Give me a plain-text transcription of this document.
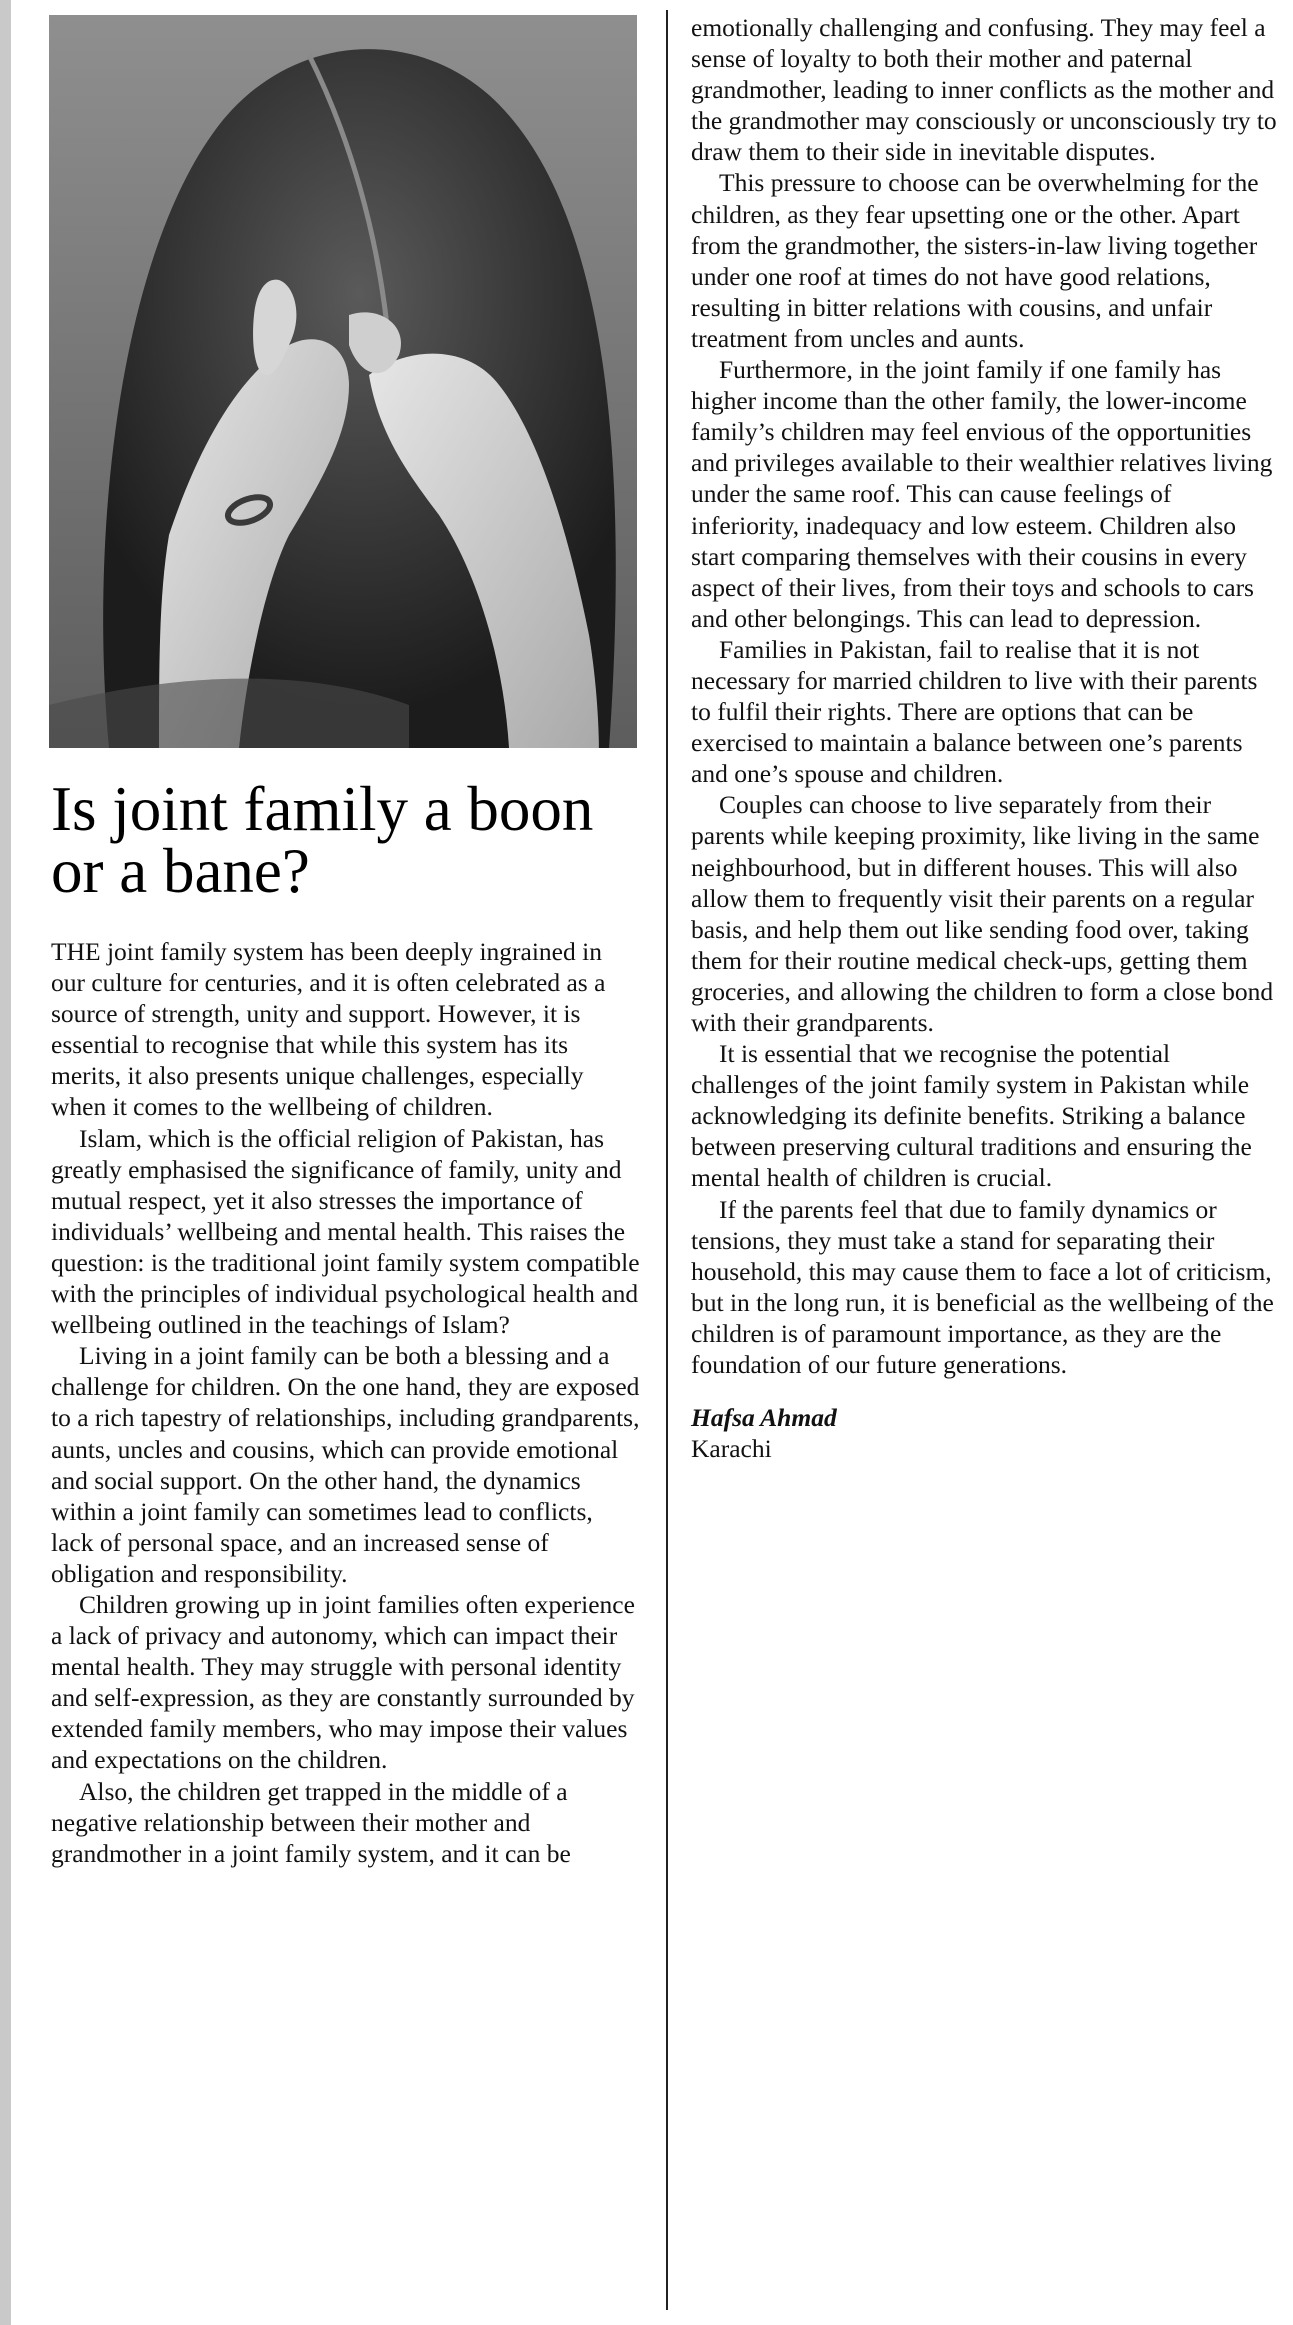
Is joint family a boon or a bane?

THE joint family system has been deeply ingrained in our culture for centuries, and it is often celebrated as a source of strength, unity and support. However, it is essential to recognise that while this system has its merits, it also presents unique challenges, especially when it comes to the wellbeing of children.

Islam, which is the official religion of Pakistan, has greatly emphasised the significance of family, unity and mutual respect, yet it also stresses the importance of individuals’ wellbeing and mental health. This raises the question: is the traditional joint family system compatible with the principles of individual psychological health and wellbeing outlined in the teachings of Islam?

Living in a joint family can be both a blessing and a challenge for children. On the one hand, they are exposed to a rich tapestry of relationships, including grandparents, aunts, uncles and cousins, which can provide emotional and social support. On the other hand, the dynamics within a joint family can sometimes lead to conflicts, lack of personal space, and an increased sense of obligation and responsibility.

Children growing up in joint families often experience a lack of privacy and autonomy, which can impact their mental health. They may struggle with personal identity and self-expression, as they are constantly surrounded by extended family members, who may impose their values and expectations on the children.

Also, the children get trapped in the middle of a negative relationship between their mother and grandmother in a joint family system, and it can be

emotionally challenging and confusing. They may feel a sense of loyalty to both their mother and paternal grandmother, leading to inner conflicts as the mother and the grandmother may consciously or unconsciously try to draw them to their side in inevitable disputes.

This pressure to choose can be overwhelming for the children, as they fear upsetting one or the other. Apart from the grandmother, the sisters-in-law living together under one roof at times do not have good relations, resulting in bitter relations with cousins, and unfair treatment from uncles and aunts.

Furthermore, in the joint family if one family has higher income than the other family, the lower-income family’s children may feel envious of the opportunities and privileges available to their wealthier relatives living under the same roof. This can cause feelings of inferiority, inadequacy and low esteem. Children also start comparing themselves with their cousins in every aspect of their lives, from their toys and schools to cars and other belongings. This can lead to depression.

Families in Pakistan, fail to realise that it is not necessary for married children to live with their parents to fulfil their rights. There are options that can be exercised to maintain a balance between one’s parents and one’s spouse and children.

Couples can choose to live separately from their parents while keeping proximity, like living in the same neighbourhood, but in different houses. This will also allow them to frequently visit their parents on a regular basis, and help them out like sending food over, taking them for their routine medical check-ups, getting them groceries, and allowing the children to form a close bond with their grandparents.

It is essential that we recognise the potential challenges of the joint family system in Pakistan while acknowledging its definite benefits. Striking a balance between preserving cultural traditions and ensuring the mental health of children is crucial.

If the parents feel that due to family dynamics or tensions, they must take a stand for separating their household, this may cause them to face a lot of criticism, but in the long run, it is beneficial as the wellbeing of the children is of paramount importance, as they are the foundation of our future generations.

Hafsa Ahmad
Karachi
